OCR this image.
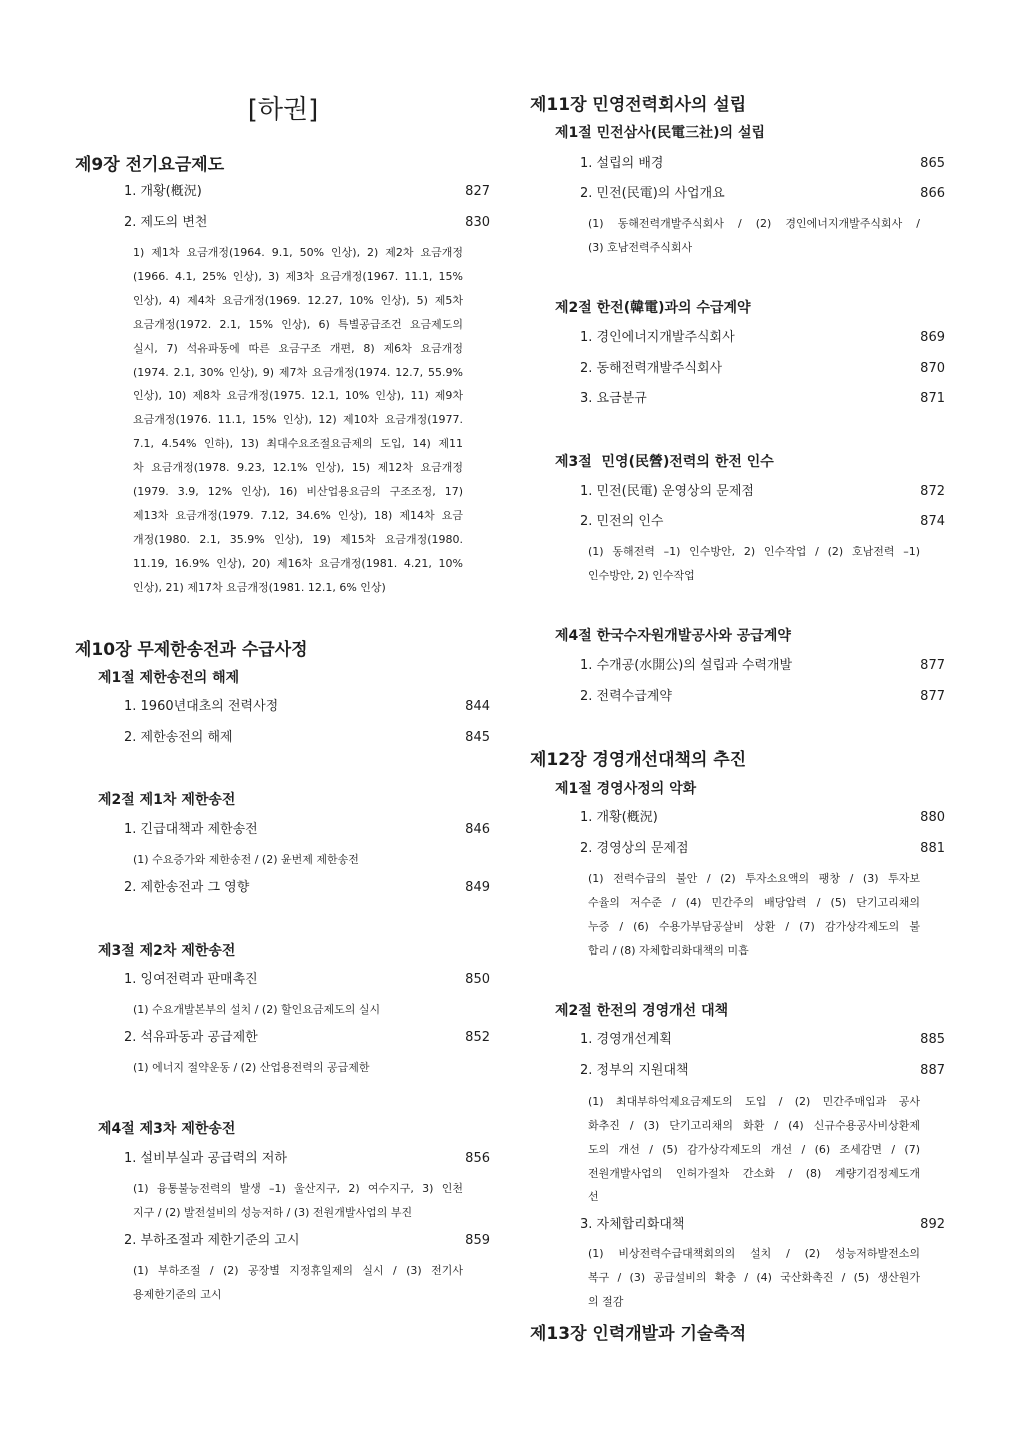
[하권]
제9장 전기요금제도
1. 개황(槪況)	827
2. 제도의 변천	830
1) 제1차 요금개정(1964. 9.1, 50% 인상), 2) 제2차 요금개정
(1966. 4.1, 25% 인상), 3) 제3차 요금개정(1967. 11.1, 15%
인상), 4) 제4차 요금개정(1969. 12.27, 10% 인상), 5) 제5차
요금개정(1972. 2.1, 15% 인상), 6) 특별공급조건 요금제도의
실시, 7) 석유파동에 따른 요금구조 개편, 8) 제6차 요금개정
(1974. 2.1, 30% 인상), 9) 제7차 요금개정(1974. 12.7, 55.9%
인상), 10) 제8차 요금개정(1975. 12.1, 10% 인상), 11) 제9차
요금개정(1976. 11.1, 15% 인상), 12) 제10차 요금개정(1977.
7.1, 4.54% 인하), 13) 최대수요조절요금제의 도입, 14) 제11
차 요금개정(1978. 9.23, 12.1% 인상), 15) 제12차 요금개정
(1979. 3.9, 12% 인상), 16) 비산업용요금의 구조조정, 17)
제13차 요금개정(1979. 7.12, 34.6% 인상), 18) 제14차 요금
개정(1980. 2.1, 35.9% 인상), 19) 제15차 요금개정(1980.
11.19, 16.9% 인상), 20) 제16차 요금개정(1981. 4.21, 10%
인상), 21) 제17차 요금개정(1981. 12.1, 6% 인상)
제10장 무제한송전과 수급사정
제1절 제한송전의 해제
1. 1960년대초의 전력사정	844
2. 제한송전의 해제	845
제2절 제1차 제한송전
1. 긴급대책과 제한송전	846
(1) 수요증가와 제한송전 / (2) 윤번제 제한송전
2. 제한송전과 그 영향	849
제3절 제2차 제한송전
1. 잉여전력과 판매촉진	850
(1) 수요개발본부의 설치 / (2) 할인요금제도의 실시
2. 석유파동과 공급제한	852
(1) 에너지 절약운동 / (2) 산업용전력의 공급제한
제4절 제3차 제한송전
1. 설비부실과 공급력의 저하	856
(1) 융통불능전력의 발생 –1) 울산지구, 2) 여수지구, 3) 인천
지구 / (2) 발전설비의 성능저하 / (3) 전원개발사업의 부진
2. 부하조절과 제한기준의 고시	859
(1) 부하조절 / (2) 공장별 지정휴일제의 실시 / (3) 전기사
용제한기준의 고시
제11장 민영전력회사의 설립
제1절 민전삼사(民電三社)의 설립
1. 설립의 배경	865
2. 민전(民電)의 사업개요	866
(1) 동해전력개발주식회사 / (2) 경인에너지개발주식회사 /
(3) 호남전력주식회사
제2절 한전(韓電)과의 수급계약
1. 경인에너지개발주식회사	869
2. 동해전력개발주식회사	870
3. 요금분규	871
제3절  민영(民營)전력의 한전 인수
1. 민전(民電) 운영상의 문제점	872
2. 민전의 인수	874
(1) 동해전력 –1) 인수방안, 2) 인수작업 / (2) 호남전력 –1)
인수방안, 2) 인수작업
제4절 한국수자원개발공사와 공급계약
1. 수개공(水開公)의 설립과 수력개발	877
2. 전력수급계약	877
제12장 경영개선대책의 추진
제1절 경영사정의 악화
1. 개황(槪況)	880
2. 경영상의 문제점	881
(1) 전력수급의 불안 / (2) 투자소요액의 팽창 / (3) 투자보
수율의 저수준 / (4) 민간주의 배당압력 / (5) 단기고리채의
누증 / (6) 수용가부담공살비 상환 / (7) 감가상각제도의 불
합리 / (8) 자체합리화대책의 미흡
제2절 한전의 경영개선 대책
1. 경영개선계획	885
2. 정부의 지원대책	887
(1) 최대부하억제요금제도의 도입 / (2) 민간주매입과 공사
화추진 / (3) 단기고리채의 화환 / (4) 신규수용공사비상환제
도의 개선 / (5) 감가상각제도의 개선 / (6) 조세감면 / (7)
전원개발사업의 인허가절차 간소화 / (8) 계량기검정제도개
선
3. 자체합리화대책	892
(1) 비상전력수급대책회의의 설치 / (2) 성능저하발전소의
복구 / (3) 공급설비의 확충 / (4) 국산화촉진 / (5) 생산원가
의 절감
제13장 인력개발과 기술축적
